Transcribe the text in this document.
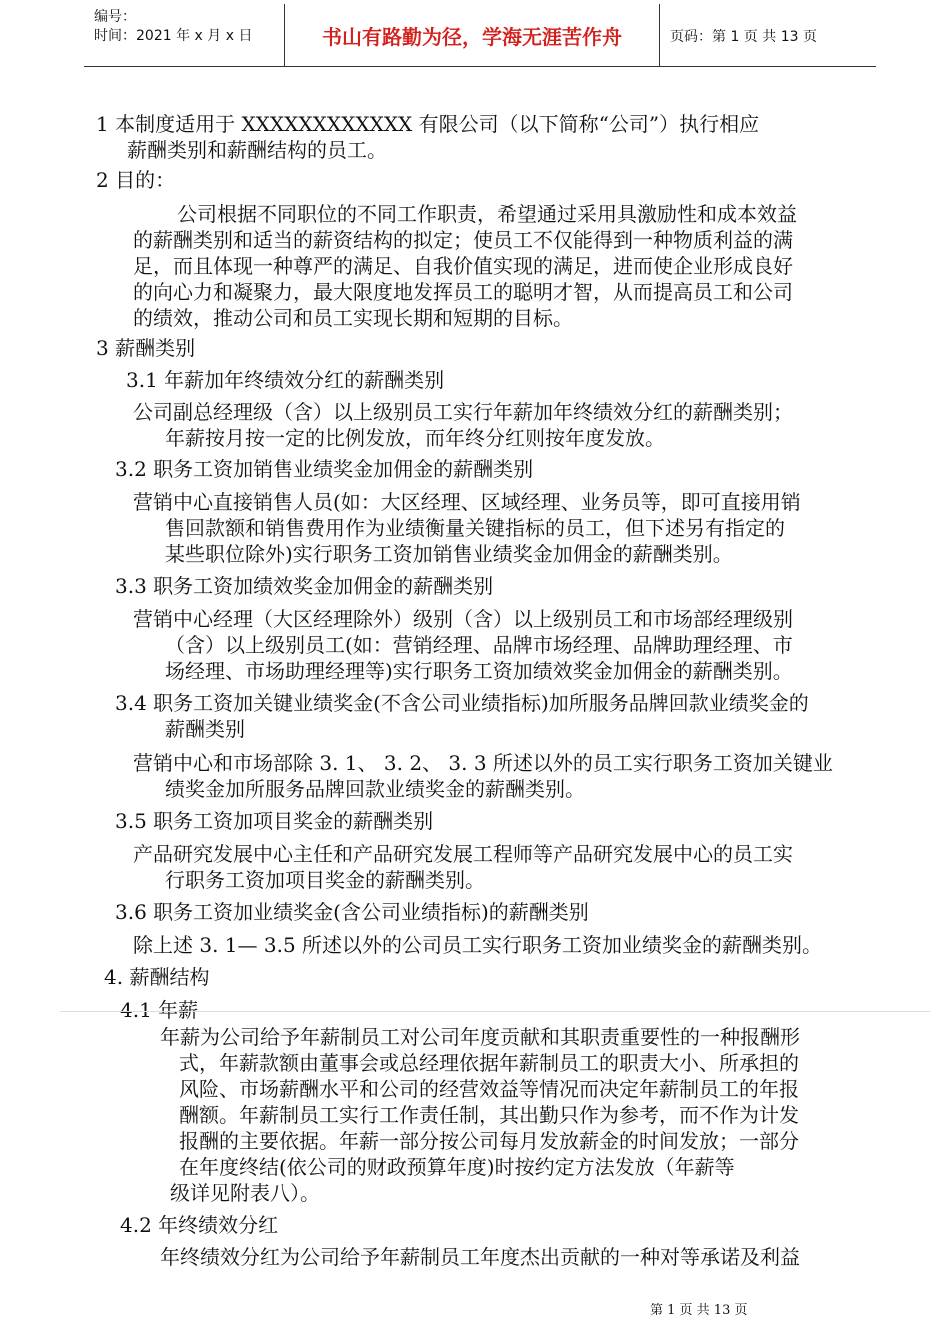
编号：
时间：2021 年 x 月 x 日	书山有路勤为径，学海无涯苦作舟	页码：第 1 页 共 13 页
1 本制度适用于 XXXXXXXXXXXX 有限公司（以下简称“公司”）执行相应
薪酬类别和薪酬结构的员工。
2 目的：
公司根据不同职位的不同工作职责，希望通过采用具激励性和成本效益
的薪酬类别和适当的薪资结构的拟定；使员工不仅能得到一种物质利益的满
足，而且体现一种尊严的满足、自我价值实现的满足，进而使企业形成良好
的向心力和凝聚力，最大限度地发挥员工的聪明才智，从而提高员工和公司
的绩效，推动公司和员工实现长期和短期的目标。
3 薪酬类别
3.1 年薪加年终绩效分红的薪酬类别
公司副总经理级（含）以上级别员工实行年薪加年终绩效分红的薪酬类别；
年薪按月按一定的比例发放，而年终分红则按年度发放。
3.2 职务工资加销售业绩奖金加佣金的薪酬类别
营销中心直接销售人员(如：大区经理、区域经理、业务员等，即可直接用销
售回款额和销售费用作为业绩衡量关键指标的员工，但下述另有指定的
某些职位除外)实行职务工资加销售业绩奖金加佣金的薪酬类别。
3.3 职务工资加绩效奖金加佣金的薪酬类别
营销中心经理（大区经理除外）级别（含）以上级别员工和市场部经理级别
（含）以上级别员工(如：营销经理、品牌市场经理、品牌助理经理、市
场经理、市场助理经理等)实行职务工资加绩效奖金加佣金的薪酬类别。
3.4 职务工资加关键业绩奖金(不含公司业绩指标)加所服务品牌回款业绩奖金的
薪酬类别
营销中心和市场部除 3. 1、 3. 2、 3. 3 所述以外的员工实行职务工资加关键业
绩奖金加所服务品牌回款业绩奖金的薪酬类别。
3.5 职务工资加项目奖金的薪酬类别
产品研究发展中心主任和产品研究发展工程师等产品研究发展中心的员工实
行职务工资加项目奖金的薪酬类别。
3.6 职务工资加业绩奖金(含公司业绩指标)的薪酬类别
除上述 3. 1— 3.5 所述以外的公司员工实行职务工资加业绩奖金的薪酬类别。
4. 薪酬结构
4.1 年薪
年薪为公司给予年薪制员工对公司年度贡献和其职责重要性的一种报酬形
式，年薪款额由董事会或总经理依据年薪制员工的职责大小、所承担的
风险、市场薪酬水平和公司的经营效益等情况而决定年薪制员工的年报
酬额。年薪制员工实行工作责任制，其出勤只作为参考，而不作为计发
报酬的主要依据。年薪一部分按公司每月发放薪金的时间发放；一部分
在年度终结(依公司的财政预算年度)时按约定方法发放（年薪等
级详见附表八）。
4.2 年终绩效分红
年终绩效分红为公司给予年薪制员工年度杰出贡献的一种对等承诺及利益
第 1 页 共 13 页
